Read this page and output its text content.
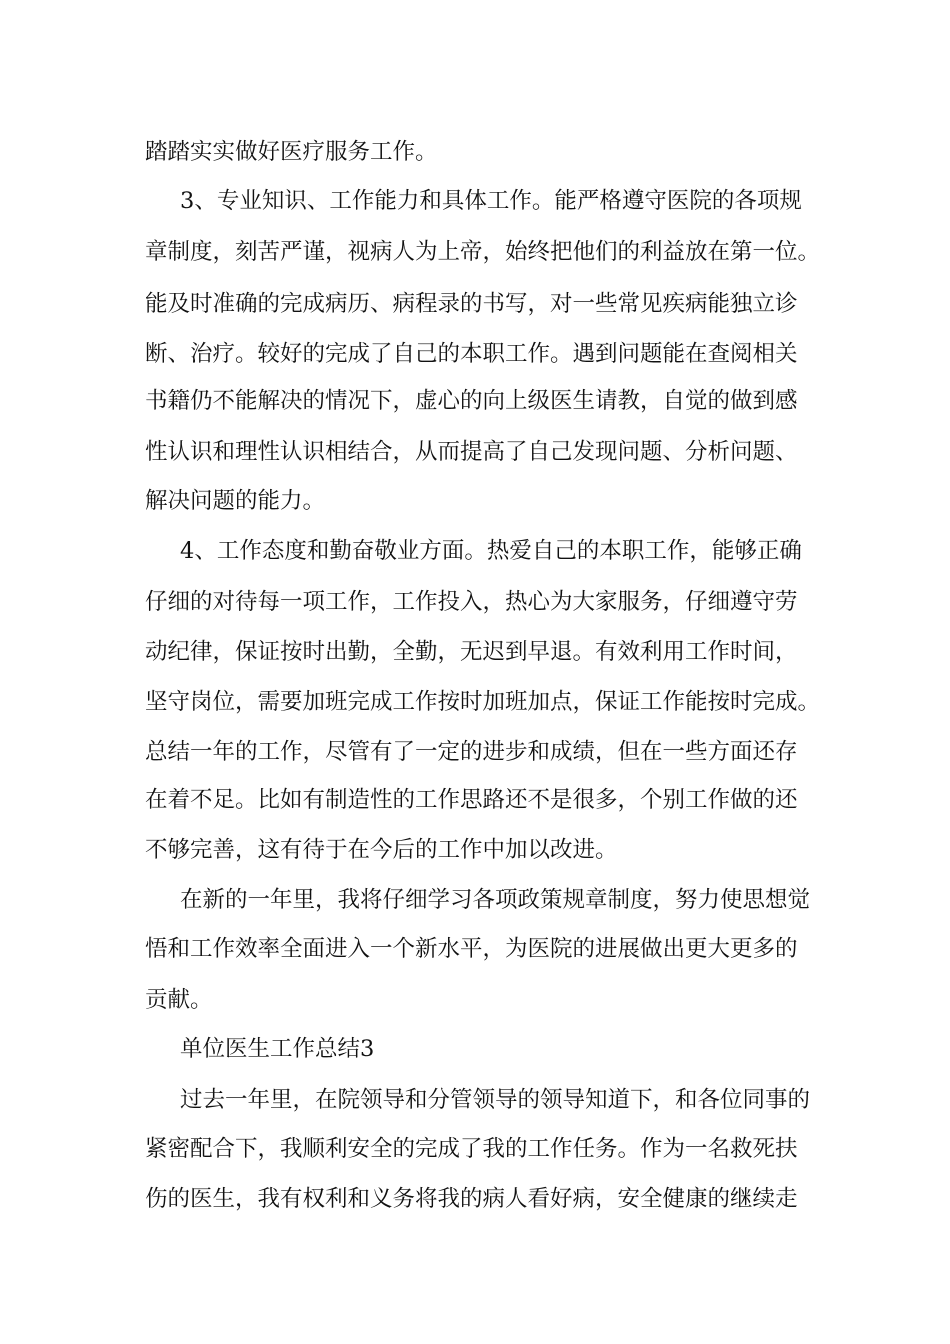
踏踏实实做好医疗服务工作。
3、专业知识、工作能力和具体工作。能严格遵守医院的各项规
章制度，刻苦严谨，视病人为上帝，始终把他们的利益放在第一位。
能及时准确的完成病历、病程录的书写，对一些常见疾病能独立诊
断、治疗。较好的完成了自己的本职工作。遇到问题能在查阅相关
书籍仍不能解决的情况下，虚心的向上级医生请教，自觉的做到感
性认识和理性认识相结合，从而提高了自己发现问题、分析问题、
解决问题的能力。
4、工作态度和勤奋敬业方面。热爱自己的本职工作，能够正确
仔细的对待每一项工作，工作投入，热心为大家服务，仔细遵守劳
动纪律，保证按时出勤，全勤，无迟到早退。有效利用工作时间，
坚守岗位，需要加班完成工作按时加班加点，保证工作能按时完成。
总结一年的工作，尽管有了一定的进步和成绩，但在一些方面还存
在着不足。比如有制造性的工作思路还不是很多，个别工作做的还
不够完善，这有待于在今后的工作中加以改进。
在新的一年里，我将仔细学习各项政策规章制度，努力使思想觉
悟和工作效率全面进入一个新水平，为医院的进展做出更大更多的
贡献。
单位医生工作总结3
过去一年里，在院领导和分管领导的领导知道下，和各位同事的
紧密配合下，我顺利安全的完成了我的工作任务。作为一名救死扶
伤的医生，我有权利和义务将我的病人看好病，安全健康的继续走
